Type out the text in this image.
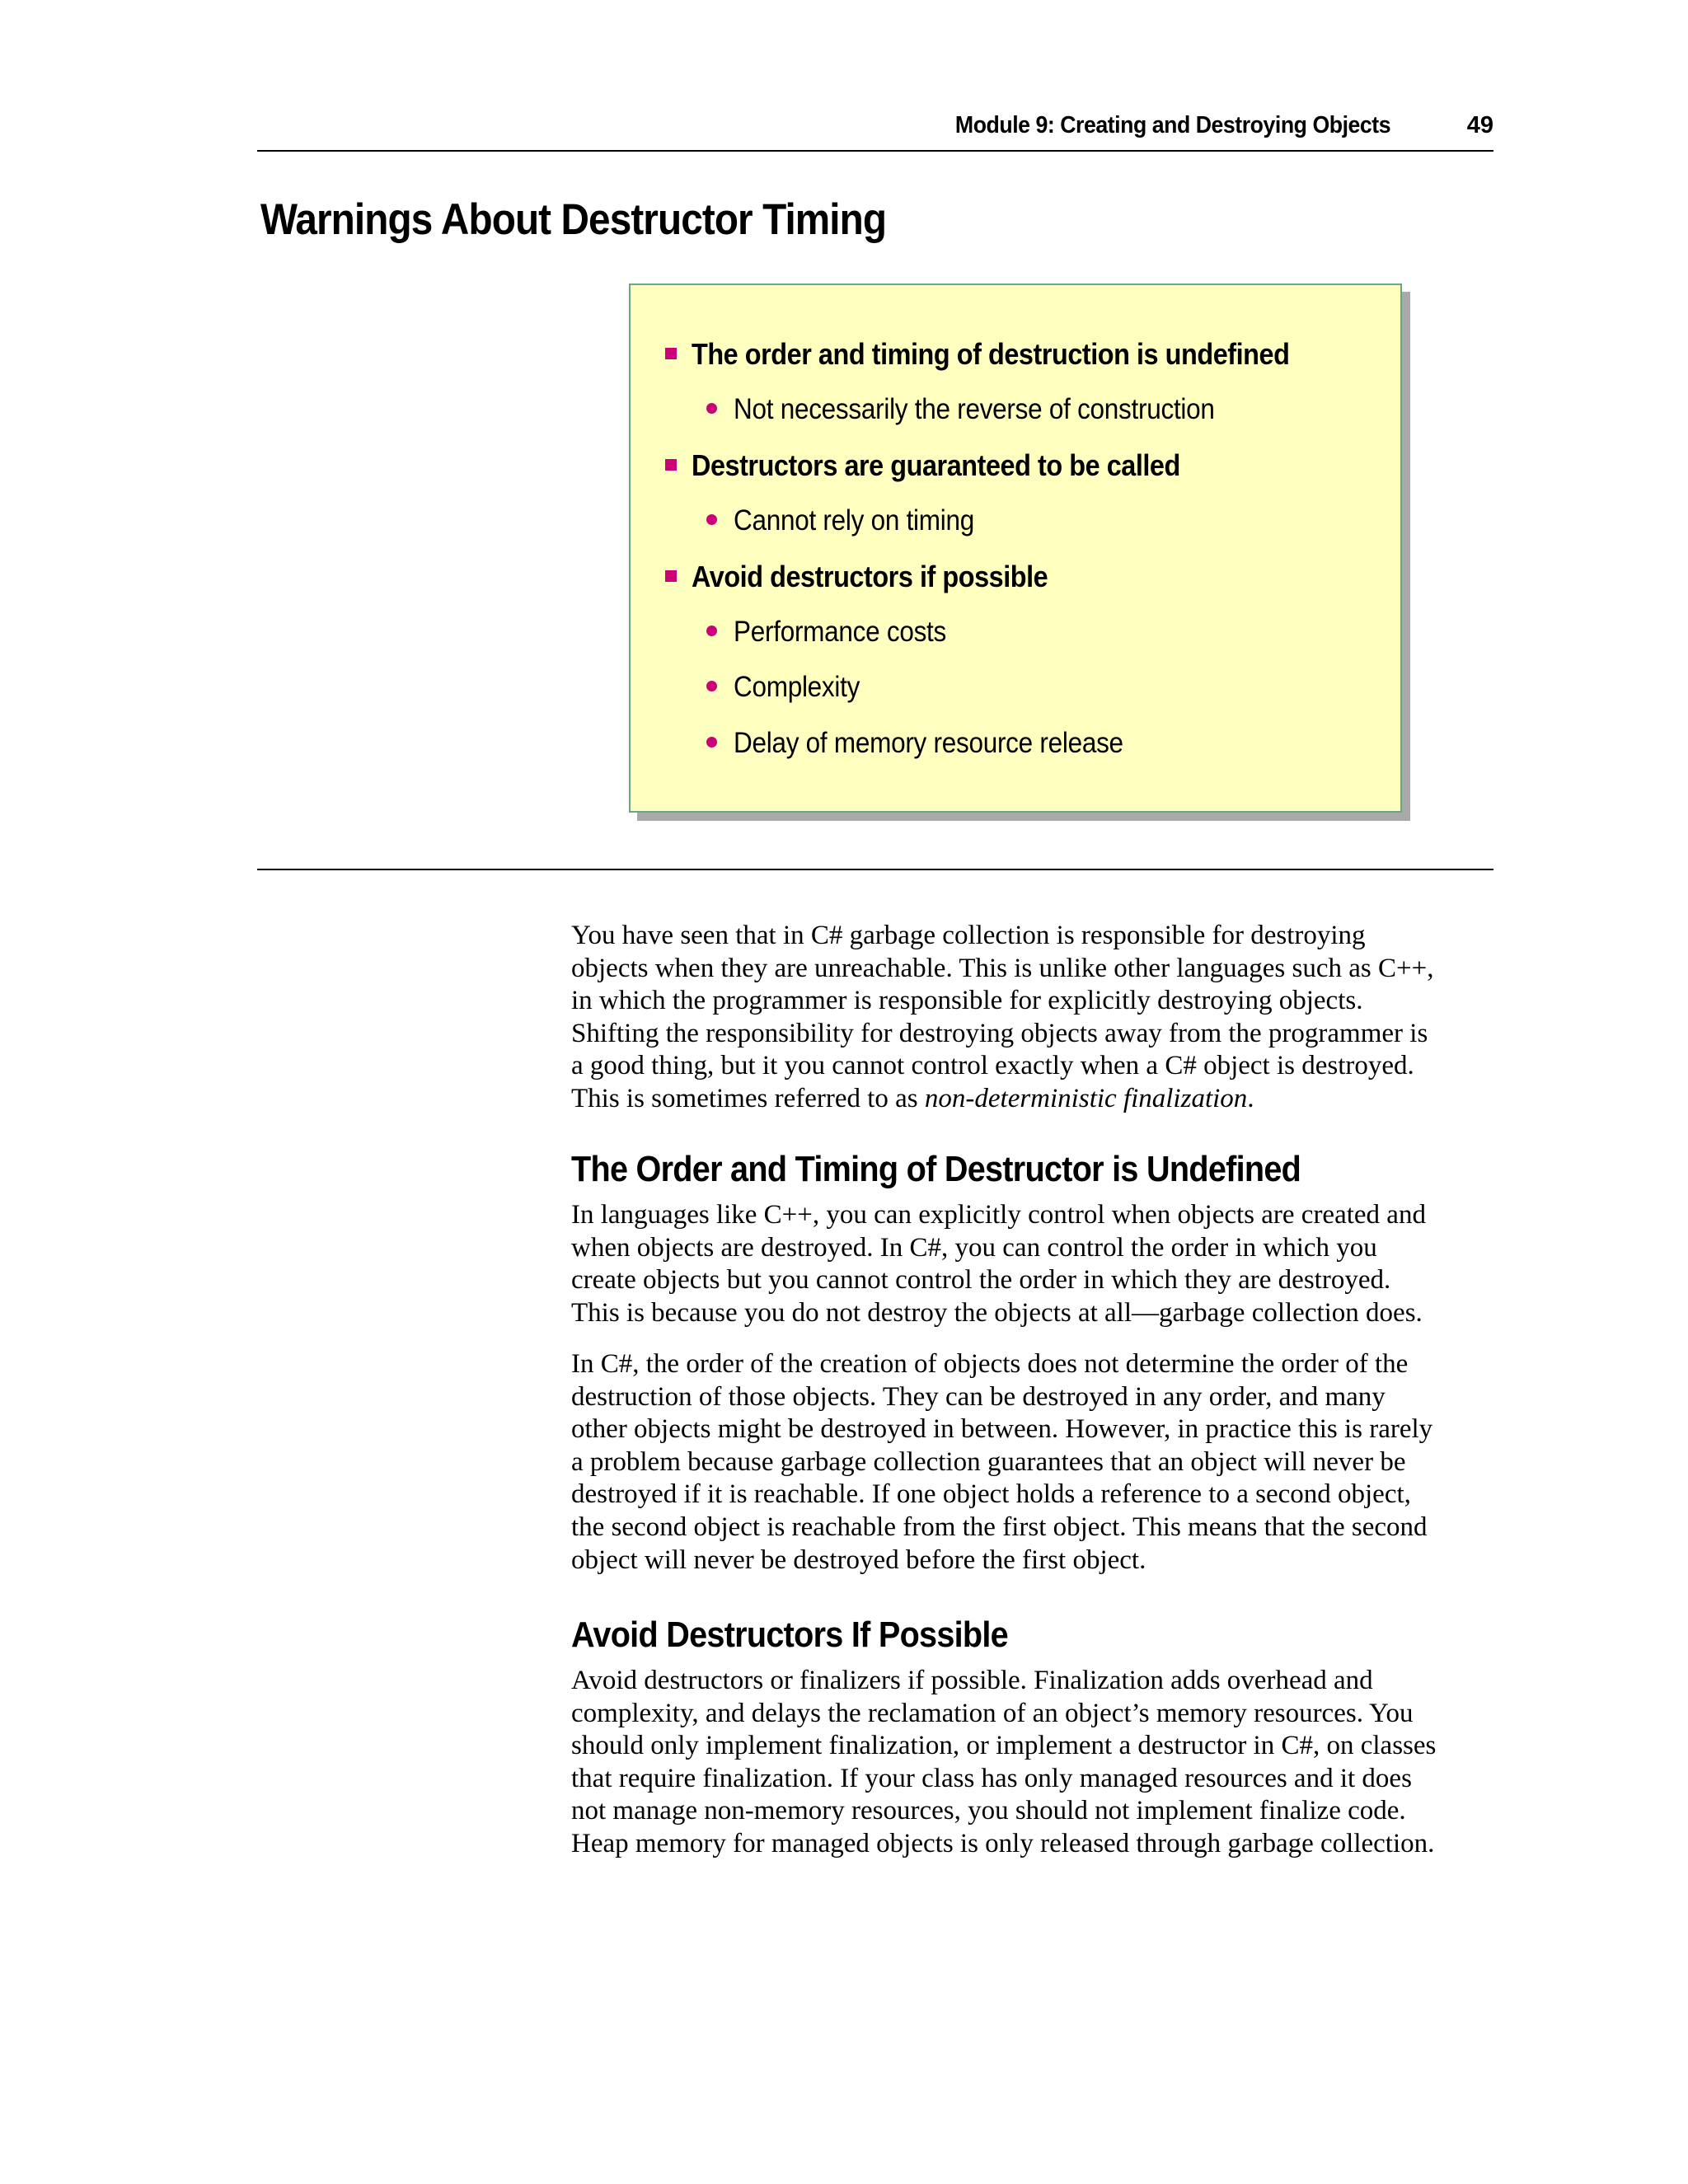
Module 9: Creating and Destroying Objects	49
Warnings About Destructor Timing
The order and timing of destruction is undefined
Not necessarily the reverse of construction
Destructors are guaranteed to be called
Cannot rely on timing
Avoid destructors if possible
Performance costs
Complexity
Delay of memory resource release

You have seen that in C# garbage collection is responsible for destroying
objects when they are unreachable. This is unlike other languages such as C++,
in which the programmer is responsible for explicitly destroying objects.
Shifting the responsibility for destroying objects away from the programmer is
a good thing, but it you cannot control exactly when a C# object is destroyed.
This is sometimes referred to as non-deterministic finalization.

The Order and Timing of Destructor is Undefined

In languages like C++, you can explicitly control when objects are created and
when objects are destroyed. In C#, you can control the order in which you
create objects but you cannot control the order in which they are destroyed.
This is because you do not destroy the objects at all—garbage collection does.

In C#, the order of the creation of objects does not determine the order of the
destruction of those objects. They can be destroyed in any order, and many
other objects might be destroyed in between. However, in practice this is rarely
a problem because garbage collection guarantees that an object will never be
destroyed if it is reachable. If one object holds a reference to a second object,
the second object is reachable from the first object. This means that the second
object will never be destroyed before the first object.

Avoid Destructors If Possible

Avoid destructors or finalizers if possible. Finalization adds overhead and
complexity, and delays the reclamation of an object’s memory resources. You
should only implement finalization, or implement a destructor in C#, on classes
that require finalization. If your class has only managed resources and it does
not manage non-memory resources, you should not implement finalize code.
Heap memory for managed objects is only released through garbage collection.
